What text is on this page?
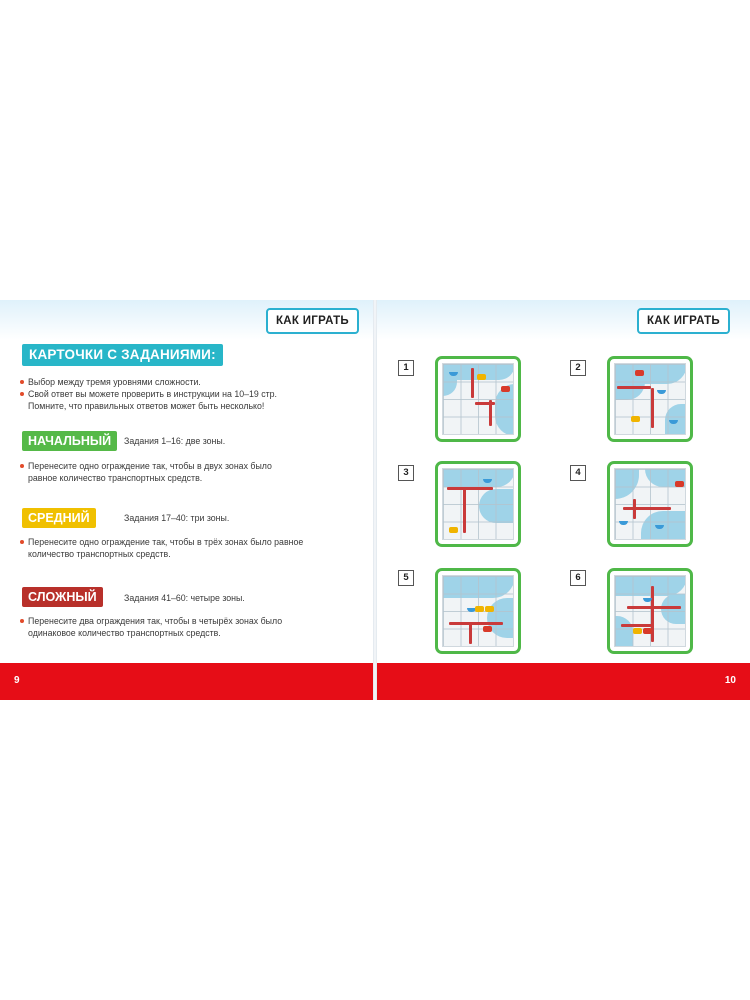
КАК ИГРАТЬ
КАРТОЧКИ С ЗАДАНИЯМИ:
Выбор между тремя уровнями сложности.
Свой ответ вы можете проверить в инструкции на 10–19 стр.
Помните, что правильных ответов может быть несколько!
НАЧАЛЬНЫЙ	Задания 1–16: две зоны.
Перенесите одно ограждение так, чтобы в двух зонах было
равное количество транспортных средств.
СРЕДНИЙ	Задания 17–40: три зоны.
Перенесите одно ограждение так, чтобы в трёх зонах было равное
количество транспортных средств.
СЛОЖНЫЙ	Задания 41–60: четыре зоны.
Перенесите два ограждения так, чтобы в четырёх зонах было
одинаковое количество транспортных средств.
9
КАК ИГРАТЬ
1	2
3	4
5	6
10
